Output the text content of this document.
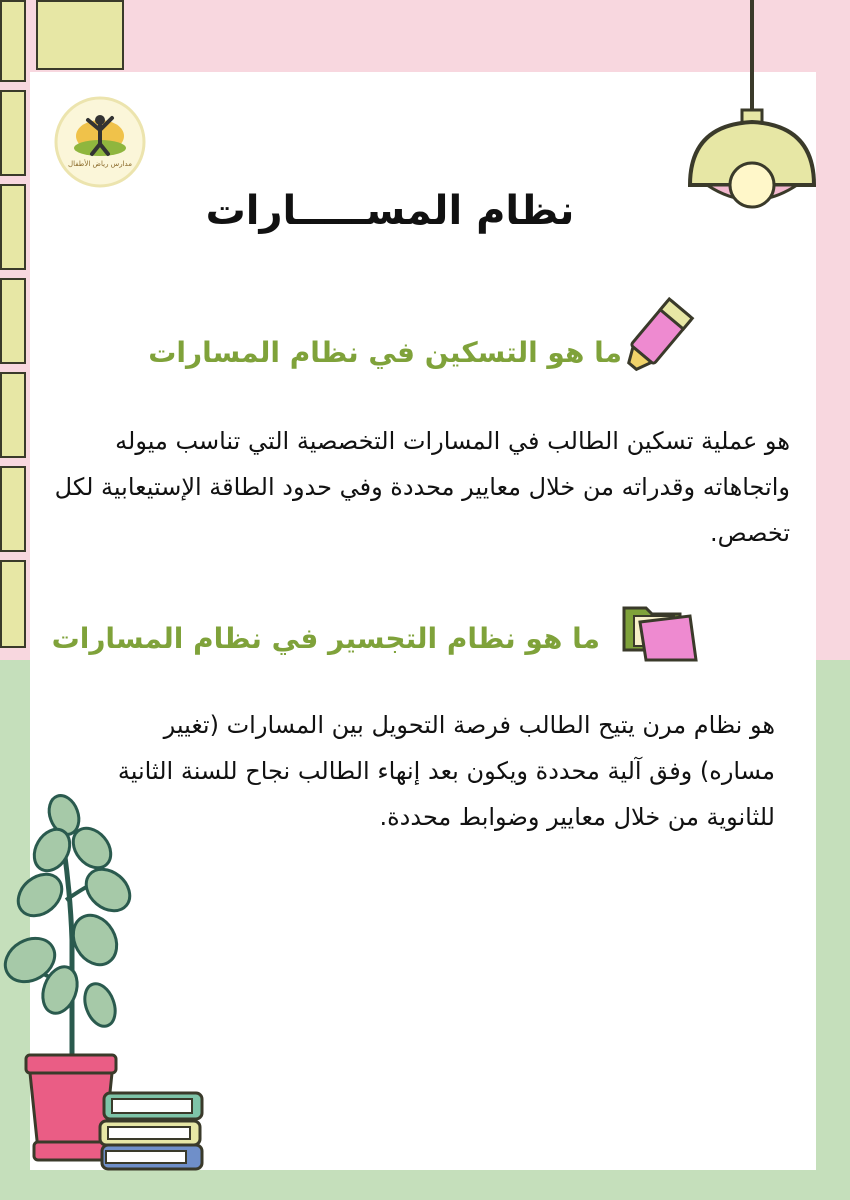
مدارس رياض الأطفال
نظام المســـــارات
ما هو التسكين في نظام المسارات
هو عملية تسكين الطالب في المسارات التخصصية التي تناسب ميوله واتجاهاته وقدراته من خلال معايير محددة وفي حدود الطاقة الإستيعابية لكل تخصص.
ما هو نظام التجسير في نظام المسارات
هو نظام مرن يتيح الطالب فرصة التحويل بين المسارات (تغيير مساره) وفق آلية محددة ويكون بعد إنهاء الطالب نجاح للسنة الثانية للثانوية من خلال معايير وضوابط محددة.
